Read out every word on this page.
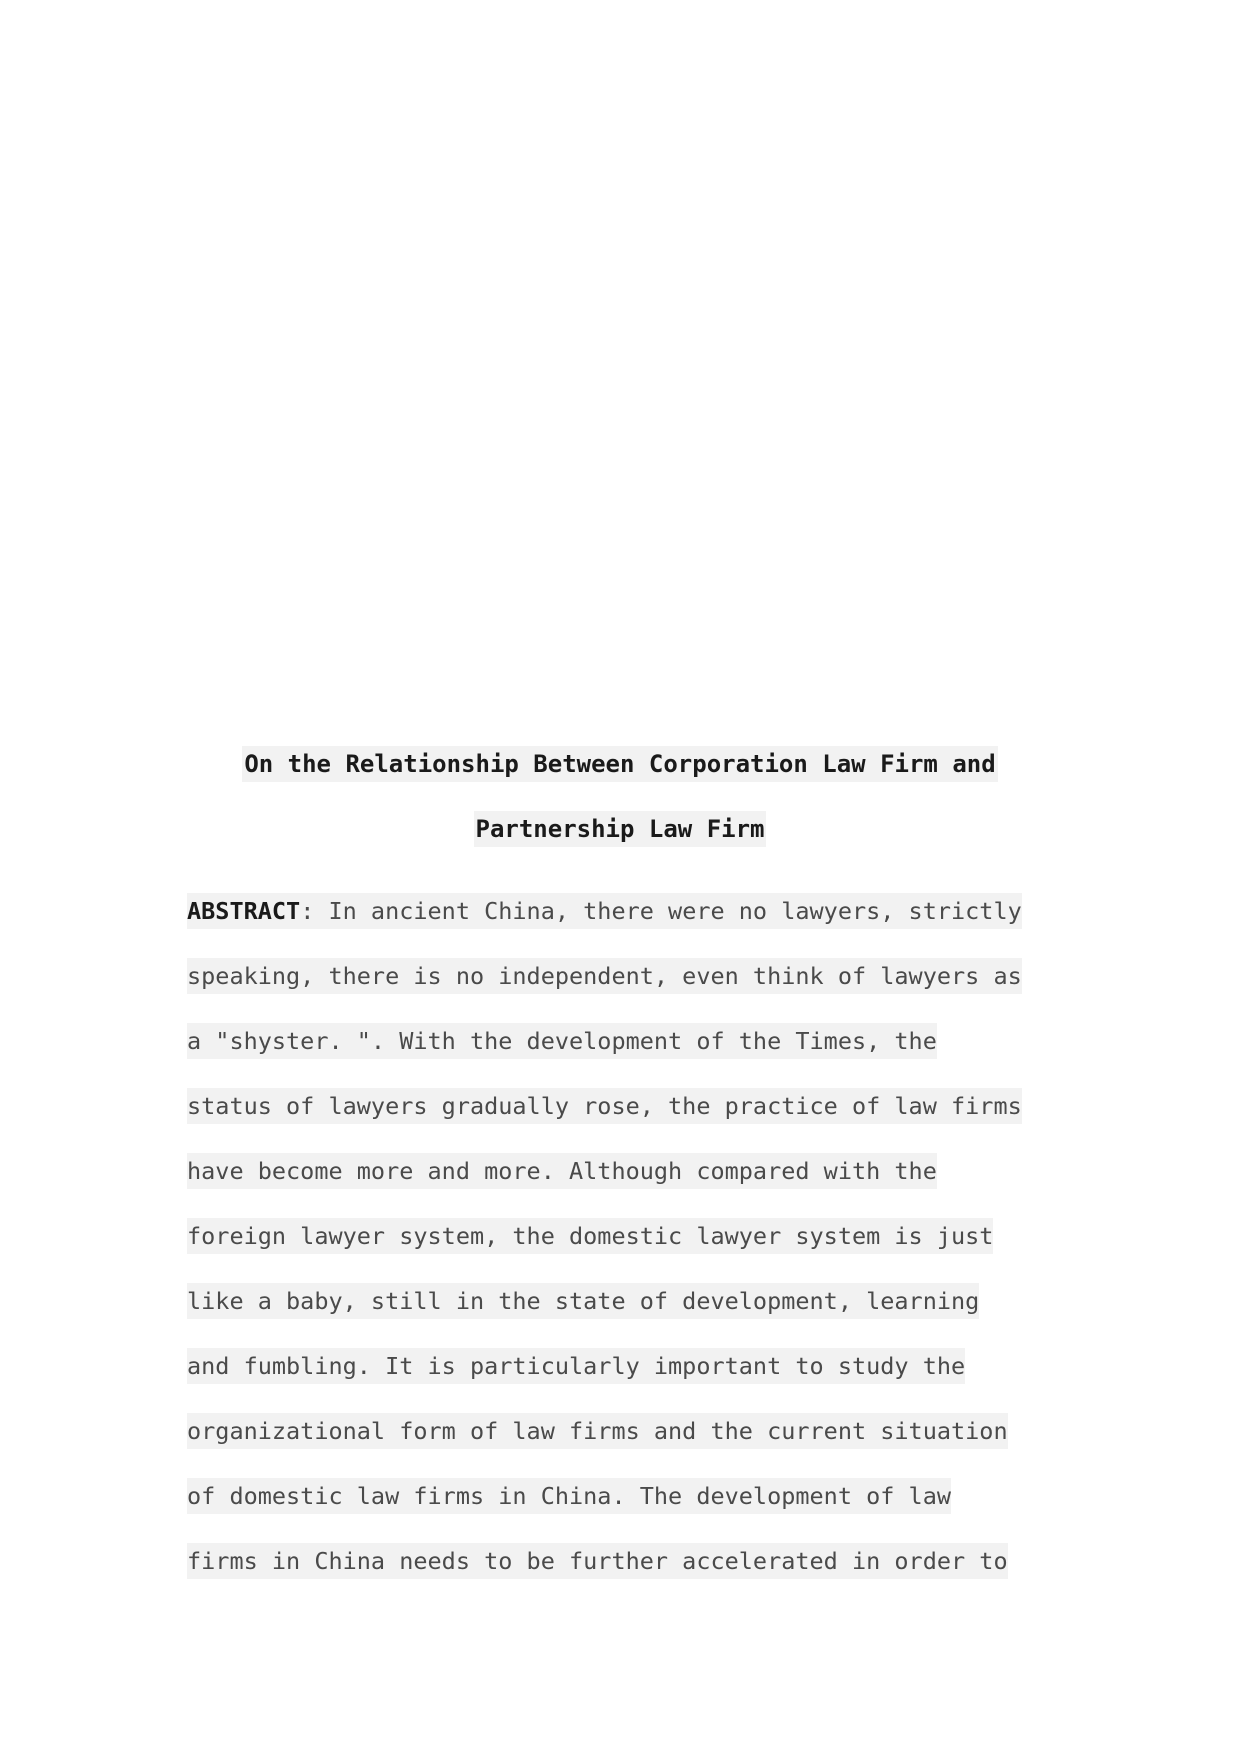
On the Relationship Between Corporation Law Firm and
Partnership Law Firm
ABSTRACT: In ancient China, there were no lawyers, strictly
speaking, there is no independent, even think of lawyers as
a "shyster. ". With the development of the Times, the
status of lawyers gradually rose, the practice of law firms
have become more and more. Although compared with the
foreign lawyer system, the domestic lawyer system is just
like a baby, still in the state of development, learning
and fumbling. It is particularly important to study the
organizational form of law firms and the current situation
of domestic law firms in China. The development of law
firms in China needs to be further accelerated in order to
